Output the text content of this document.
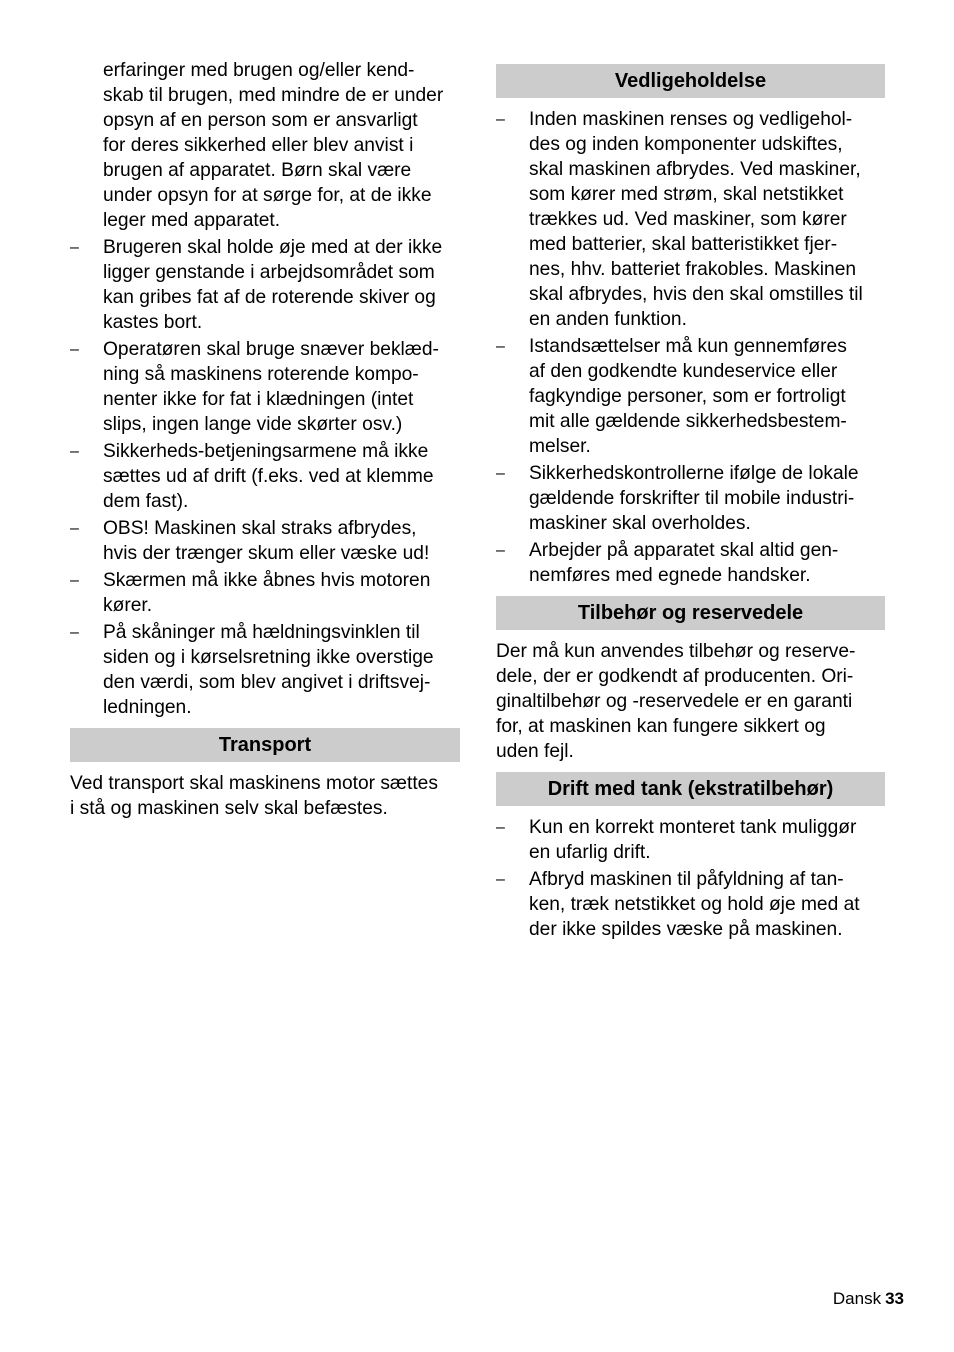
erfaringer med brugen og/eller kend-
skab til brugen, med mindre de er under
opsyn af en person som er ansvarligt
for deres sikkerhed eller blev anvist i
brugen af apparatet. Børn skal være
under opsyn for at sørge for, at de ikke
leger med apparatet.

– Brugeren skal holde øje med at der ikke
ligger genstande i arbejdsområdet som
kan gribes fat af de roterende skiver og
kastes bort.
– Operatøren skal bruge snæver beklæd-
ning så maskinens roterende kompo-
nenter ikke for fat i klædningen (intet
slips, ingen lange vide skørter osv.)
– Sikkerheds-betjeningsarmene må ikke
sættes ud af drift (f.eks. ved at klemme
dem fast).
– OBS! Maskinen skal straks afbrydes,
hvis der trænger skum eller væske ud!
– Skærmen må ikke åbnes hvis motoren
kører.
– På skåninger må hældningsvinklen til
siden og i kørselsretning ikke overstige
den værdi, som blev angivet i driftsvej-
ledningen.
Transport

Ved transport skal maskinens motor sættes
i stå og maskinen selv skal befæstes.

Vedligeholdelse
– Inden maskinen renses og vedligehol-
des og inden komponenter udskiftes,
skal maskinen afbrydes. Ved maskiner,
som kører med strøm, skal netstikket
trækkes ud. Ved maskiner, som kører
med batterier, skal batteristikket fjer-
nes, hhv. batteriet frakobles. Maskinen
skal afbrydes, hvis den skal omstilles til
en anden funktion.
– Istandsættelser må kun gennemføres
af den godkendte kundeservice eller
fagkyndige personer, som er fortroligt
mit alle gældende sikkerhedsbestem-
melser.
– Sikkerhedskontrollerne ifølge de lokale
gældende forskrifter til mobile industri-
maskiner skal overholdes.
– Arbejder på apparatet skal altid gen-
nemføres med egnede handsker.
Tilbehør og reservedele

Der må kun anvendes tilbehør og reserve-
dele, der er godkendt af producenten. Ori-
ginaltilbehør og -reservedele er en garanti
for, at maskinen kan fungere sikkert og
uden fejl.

Drift med tank (ekstratilbehør)
– Kun en korrekt monteret tank muliggør
en ufarlig drift.
– Afbryd maskinen til påfyldning af tan-
ken, træk netstikket og hold øje med at
der ikke spildes væske på maskinen.
Dansk 33
